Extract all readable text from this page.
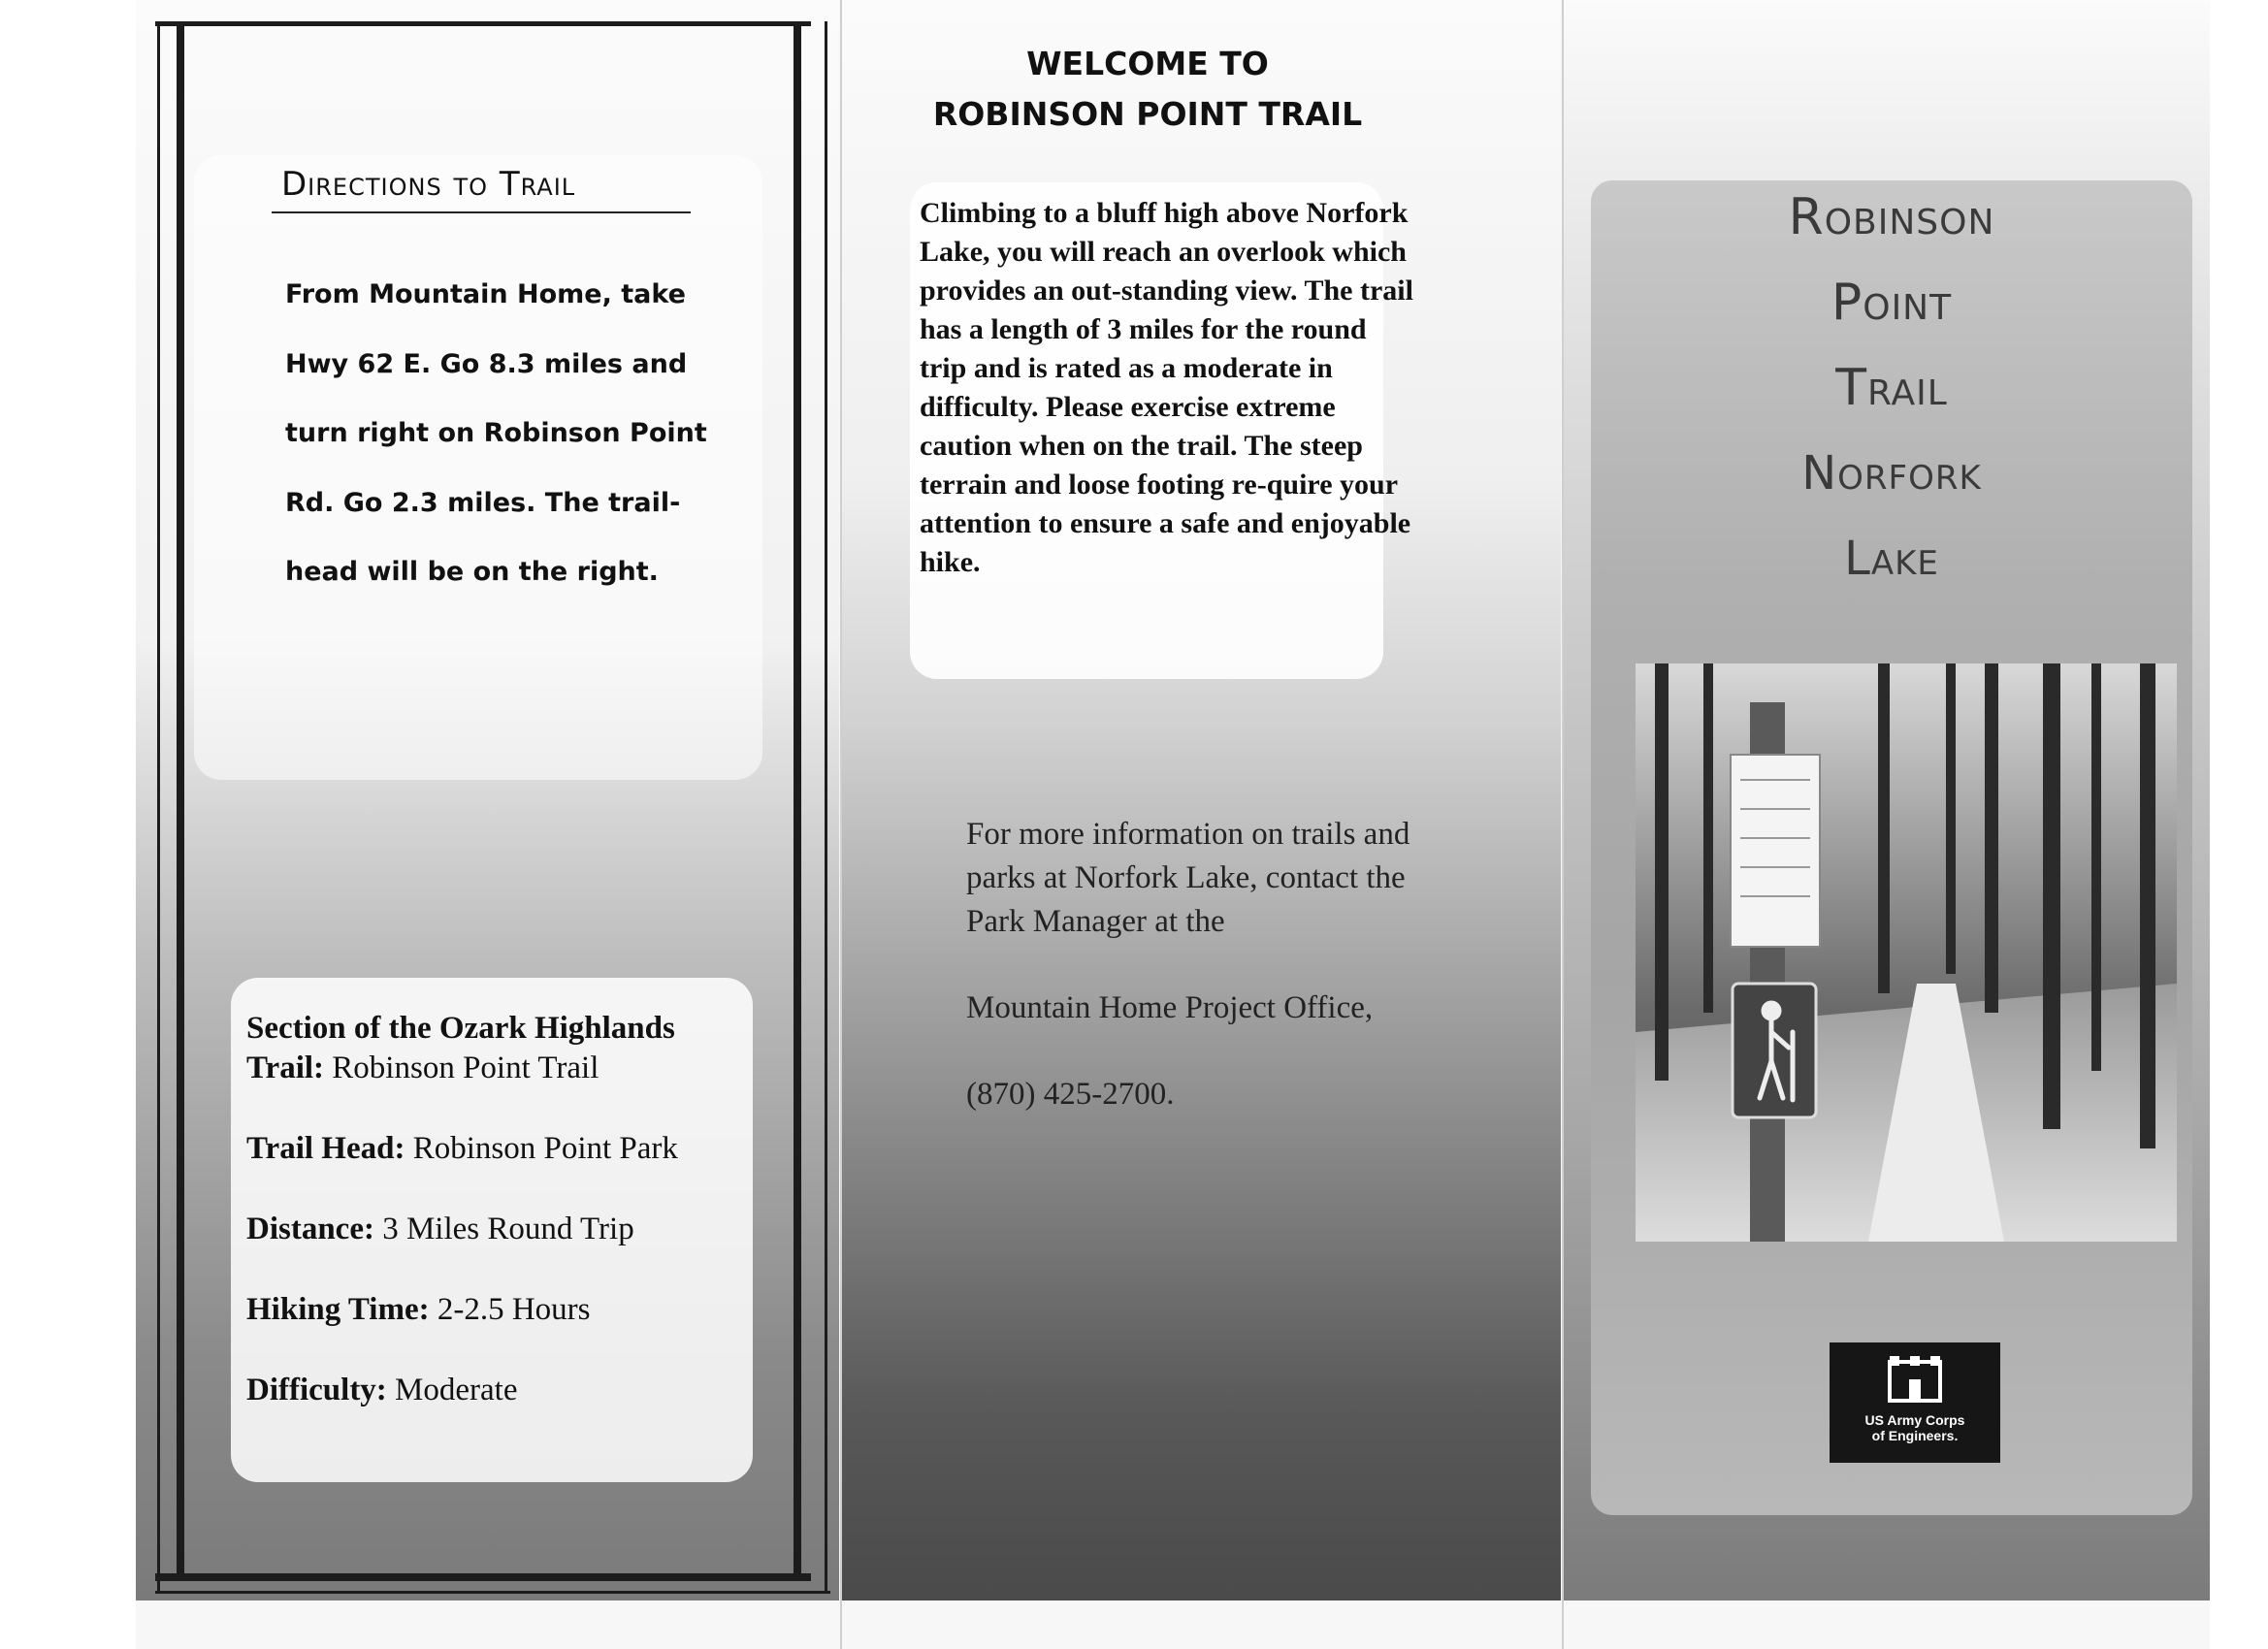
Directions to Trail
From Mountain Home, take
Hwy 62 E. Go 8.3 miles and
turn right on Robinson Point
Rd. Go 2.3 miles. The trail-
head will be on the right.
Section of the Ozark Highlands Trail: Robinson Point Trail
Trail Head: Robinson Point Park
Distance: 3 Miles Round Trip
Hiking Time: 2-2.5 Hours
Difficulty: Moderate
WELCOME TO
ROBINSON POINT TRAIL
Climbing to a bluff high above Norfork Lake, you will reach an overlook which provides an out-standing view. The trail has a length of 3 miles for the round trip and is rated as a moderate in difficulty. Please exercise extreme caution when on the trail. The steep terrain and loose footing re-quire your attention to ensure a safe and enjoyable hike.

For more information on trails and parks at Norfork Lake, contact the Park Manager at the

Mountain Home Project Office,

(870) 425-2700.

Robinson
Point
Trail
Norfork
Lake
US Army Corps
of Engineers.
